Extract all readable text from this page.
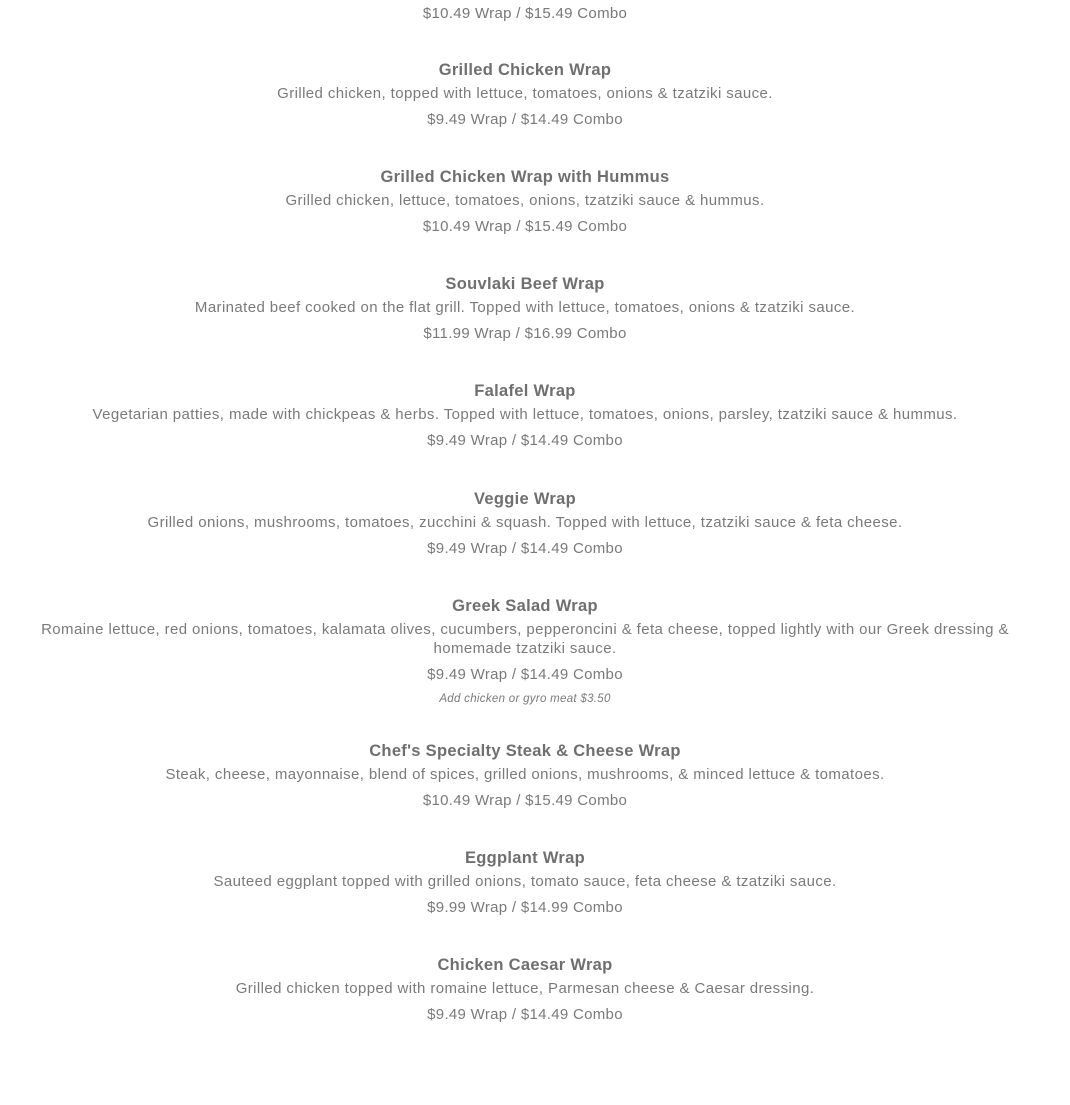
$10.49 Wrap / $15.49 Combo
Grilled Chicken Wrap
Grilled chicken, topped with lettuce, tomatoes, onions & tzatziki sauce.
$9.49 Wrap / $14.49 Combo
Grilled Chicken Wrap with Hummus
Grilled chicken, lettuce, tomatoes, onions, tzatziki sauce & hummus.
$10.49 Wrap / $15.49 Combo
Souvlaki Beef Wrap
Marinated beef cooked on the flat grill. Topped with lettuce, tomatoes, onions & tzatziki sauce.
$11.99 Wrap / $16.99 Combo
Falafel Wrap
Vegetarian patties, made with chickpeas & herbs. Topped with lettuce, tomatoes, onions, parsley, tzatziki sauce & hummus.
$9.49 Wrap / $14.49 Combo
Veggie Wrap
Grilled onions, mushrooms, tomatoes, zucchini & squash. Topped with lettuce, tzatziki sauce & feta cheese.
$9.49 Wrap / $14.49 Combo
Greek Salad Wrap
Romaine lettuce, red onions, tomatoes, kalamata olives, cucumbers, pepperoncini & feta cheese, topped lightly with our Greek dressing & homemade tzatziki sauce.
$9.49 Wrap / $14.49 Combo
Add chicken or gyro meat $3.50
Chef's Specialty Steak & Cheese Wrap
Steak, cheese, mayonnaise, blend of spices, grilled onions, mushrooms, & minced lettuce & tomatoes.
$10.49 Wrap / $15.49 Combo
Eggplant Wrap
Sauteed eggplant topped with grilled onions, tomato sauce, feta cheese & tzatziki sauce.
$9.99 Wrap / $14.99 Combo
Chicken Caesar Wrap
Grilled chicken topped with romaine lettuce, Parmesan cheese & Caesar dressing.
$9.49 Wrap / $14.49 Combo
